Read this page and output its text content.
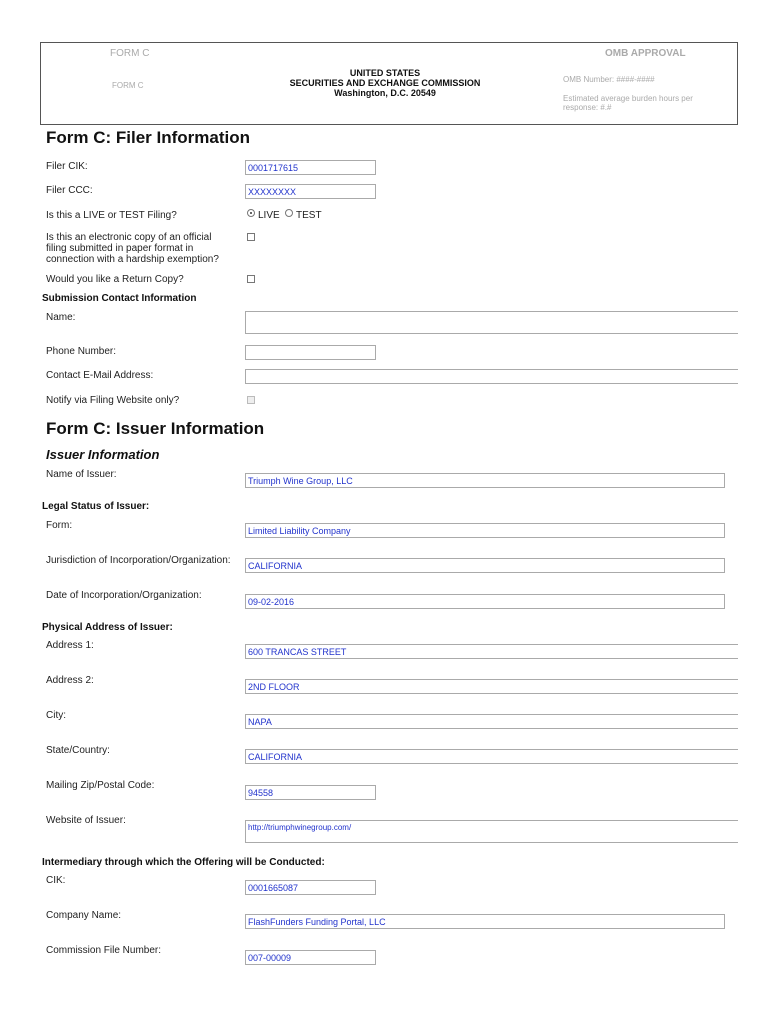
FORM C
FORM C
UNITED STATES
SECURITIES AND EXCHANGE COMMISSION
Washington, D.C. 20549
OMB APPROVAL
OMB Number: ####-####
Estimated average burden hours per
response: #.#
Form C: Filer Information
Filer CIK:	0001717615
Filer CCC:	XXXXXXXX
Is this a LIVE or TEST Filing?	LIVE TEST
Is this an electronic copy of an official
filing submitted in paper format in
connection with a hardship exemption?
Would you like a Return Copy?
Submission Contact Information
Name:
Phone Number:
Contact E-Mail Address:
Notify via Filing Website only?
Form C: Issuer Information
Issuer Information
Name of Issuer:
Triumph Wine Group, LLC
Legal Status of Issuer:
Form:	Limited Liability Company
Jurisdiction of Incorporation/Organization:	CALIFORNIA
Date of Incorporation/Organization:
09-02-2016
Physical Address of Issuer:
Address 1:
600 TRANCAS STREET
Address 2:
2ND FLOOR
City:
NAPA
State/Country:
CALIFORNIA
Mailing Zip/Postal Code:
94558
Website of Issuer:
http://triumphwinegroup.com/
Intermediary through which the Offering will be Conducted:
CIK:
0001665087
Company Name:
FlashFunders Funding Portal, LLC
Commission File Number:
007-00009
